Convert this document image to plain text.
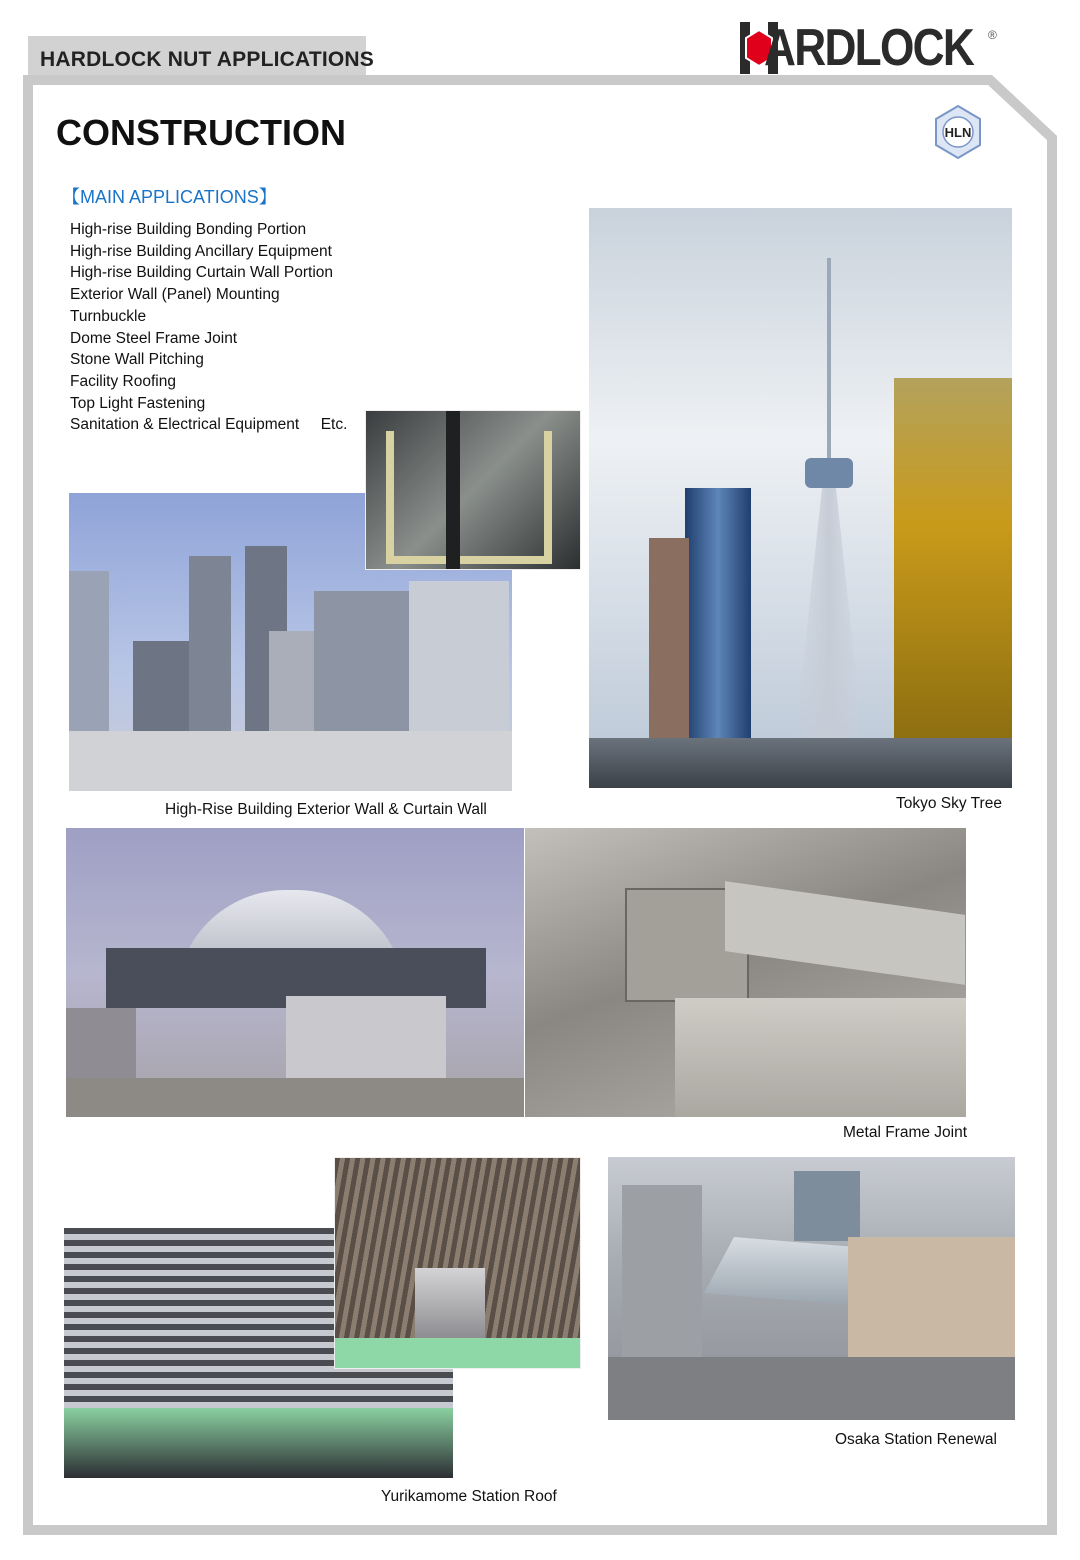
HARDLOCK NUT APPLICATIONS	ARDLOCK ®
HLN
CONSTRUCTION
【MAIN APPLICATIONS】
High-rise Building Bonding Portion
High-rise Building Ancillary Equipment
High-rise Building Curtain Wall Portion
Exterior Wall (Panel) Mounting
Turnbuckle
Dome Steel Frame Joint
Stone Wall Pitching
Facility Roofing
Top Light Fastening
Sanitation & Electrical Equipment     Etc.
High-Rise Building Exterior Wall & Curtain Wall	Tokyo Sky Tree
Metal Frame Joint
Osaka Station Renewal
Yurikamome Station Roof
